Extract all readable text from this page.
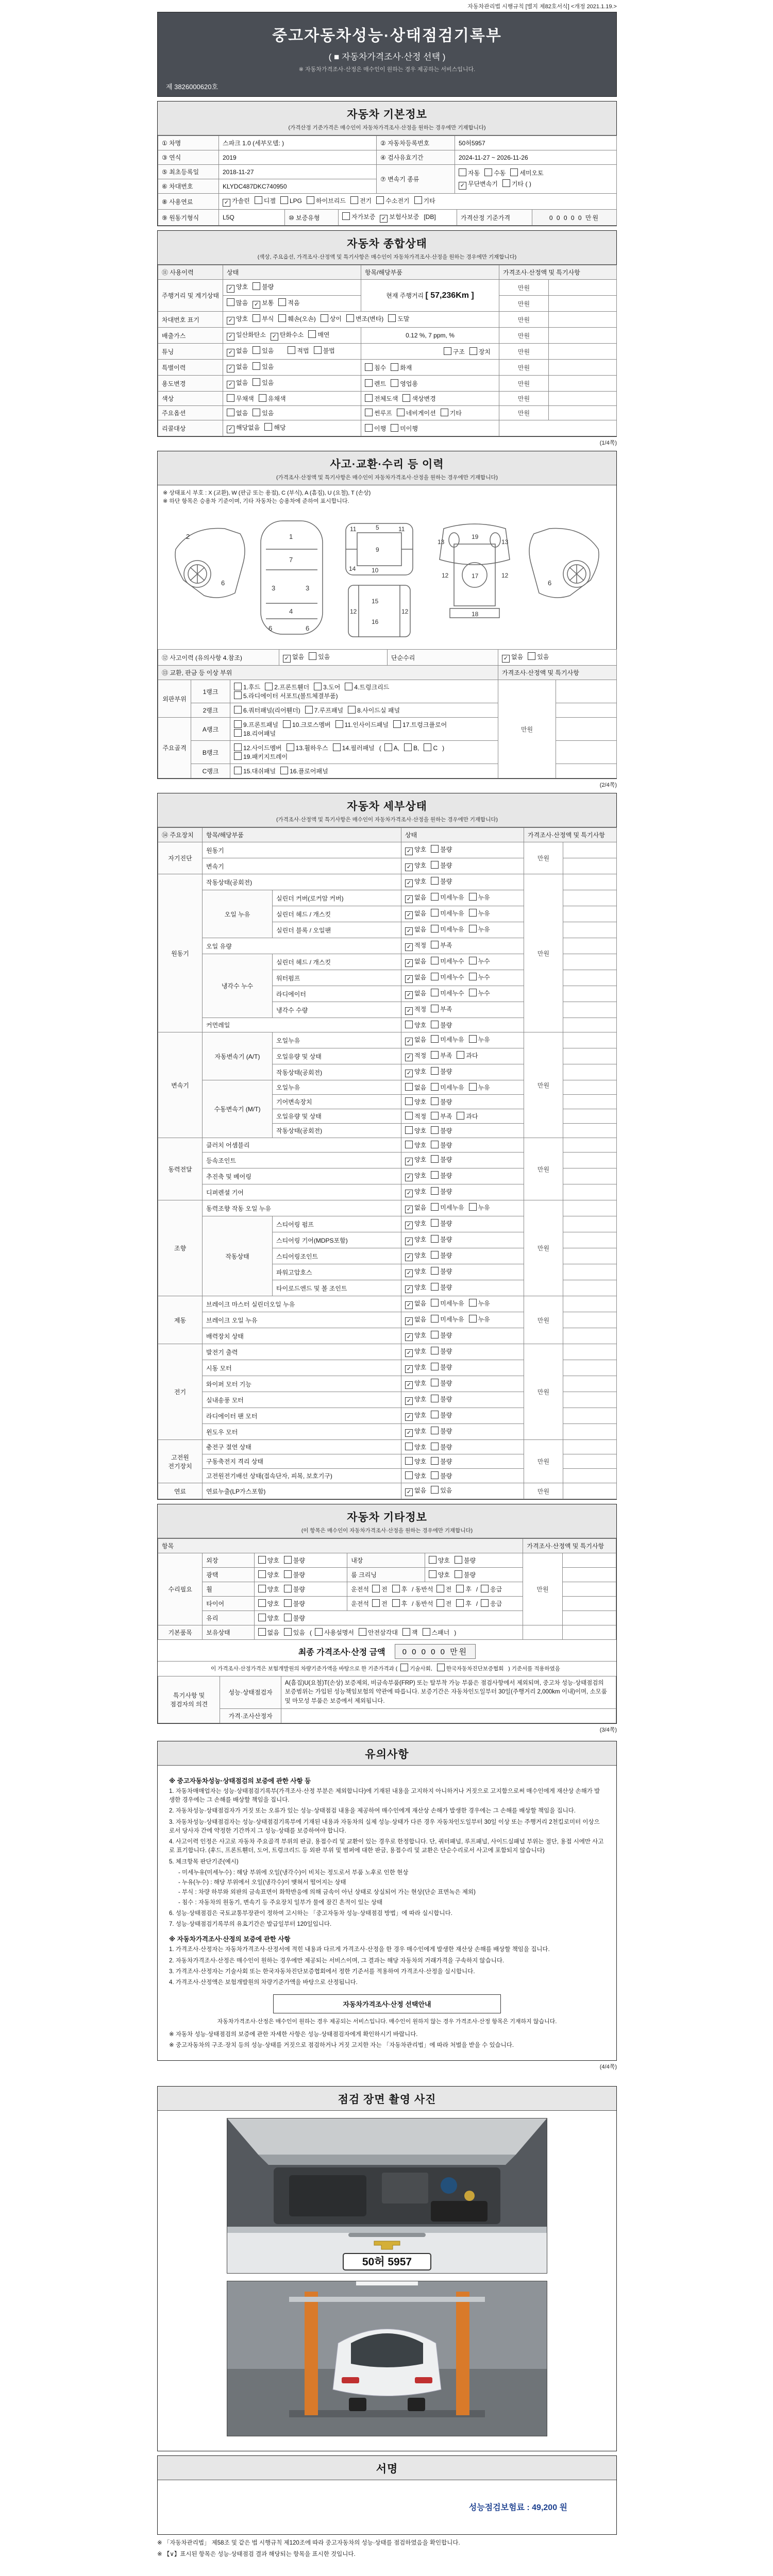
자동차관리법 시행규칙 [별지 제82호서식] <개정 2021.1.19.>
중고자동차성능·상태점검기록부
( ■ 자동차가격조사·산정 선택 )
※ 자동차가격조사·산정은 매수인이 원하는 경우 제공하는 서비스입니다.
제 3826000620호
자동차 기본정보
(가격산정 기준가격은 매수인이 자동차가격조사·산정을 원하는 경우에만 기재합니다)
① 차명	스파크 1.0 (세부모델: )	② 자동차등록번호	50허5957
③ 연식	2019	④ 검사유효기간	2024-11-27 ~ 2026-11-26
⑤ 최초등록일	2018-11-27	⑦ 변속기 종류	자동 수동 세미오토
✓ 무단변속기 기타 ( )

⑥ 차대번호	KLYDC487DKC740950		
⑧ 사용연료	✓ 가솔린 디젤 LPG 하이브리드 전기 수소전기 기타		
⑨ 원동기형식	L5Q	⑩ 보증유형	자가보증 ✓ 보험사보증 [DB]	가격산정 기준가격	0 0 0 0 0 만원
자동차 종합상태
(색상, 주요옵션, 가격조사·산정액 및 특기사항은 매수인이 자동차가격조사·산정을 원하는 경우에만 기재합니다)
⑪ 사용이력	상태	항목/해당부품	가격조사·산정액 및 특기사항	
주행거리 및 계기상태	✓ 양호 불량	현재 주행거리 [ 57,236Km ]	만원	
	많음 ✓ 보통 적음		만원	
차대번호 표기	✓ 양호 부식 훼손(오손) 상이 변조(변타) 도말		만원	
배출가스	✓ 일산화탄소 ✓ 탄화수소 매연	0.12 %, 7 ppm, %	만원	
튜닝	✓ 없음 있음　 적법 불법	구조 장치	만원	
특별이력	✓ 없음 있음	침수 화재	만원	
용도변경	✓ 없음 있음	렌트 영업용	만원	
색상	무채색 유채색	전체도색 색상변경	만원	
주요옵션	없음 있음	썬루프 네비게이션 기타	만원	
리콜대상	✓ 해당없음 해당	이행 미이행		
(1/4쪽)
사고·교환·수리 등 이력
(가격조사·산정액 및 특기사항은 매수인이 자동차가격조사·산정을 원하는 경우에만 기재합니다)
※ 상태표시 부호 : X (교환), W (판금 또는 용접), C (부식), A (흠집), U (요철), T (손상)
※ 하단 항목은 승용차 기준이며, 기타 자동차는 승용차에 준하여 표시합니다.
6
2	1
7
3	3
4
6	6
11	11
5
9
10
14
15
16
12	12
13	13
12	12
17
18
19
6
⑫ 사고이력 (유의사항 4.참조)	✓ 없음 있음	단순수리	✓ 없음 있음
⑬ 교환, 판금 등 이상 부위			가격조사·산정액 및 특기사항	
외판부위	1랭크	1.후드 2.프론트휀더 3.도어 4.트렁크리드5.라디에이터 서포트(볼트체결부품)	만원	
	2랭크	6.쿼터패널(리어휀더) 7.루프패널 8.사이드실 패널		
주요골격	A랭크	9.프론트패널 10.크로스멤버 11.인사이드패널 17.트렁크플로어18.리어패널		
	B랭크	12.사이드멤버 13.휠하우스 14.필러패널 ( A, B, C )19.패키지트레이		
	C랭크	15.대쉬패널 16.플로어패널		
(2/4쪽)
자동차 세부상태
(가격조사·산정액 및 특기사항은 매수인이 자동차가격조사·산정을 원하는 경우에만 기재합니다)
⑭ 주요장치	항목/해당부품		상태	가격조사·산정액 및 특기사항	
자기진단	원동기		✓ 양호 불량	만원	
	변속기		✓ 양호 불량		
원동기	작동상태(공회전)		✓ 양호 불량	만원	
	오일 누유	실린더 커버(로커암 커버)	✓ 없음 미세누유 누유		
		실린더 헤드 / 개스킷	✓ 없음 미세누유 누유		
		실린더 블록 / 오일팬	✓ 없음 미세누유 누유		
	오일 유량		✓ 적정 부족		
	냉각수 누수	실린더 헤드 / 개스킷	✓ 없음 미세누수 누수		
		워터펌프	✓ 없음 미세누수 누수		
		라디에이터	✓ 없음 미세누수 누수		
		냉각수 수량	✓ 적정 부족		
	커먼레일		양호 불량		
변속기	자동변속기 (A/T)	오일누유	✓ 없음 미세누유 누유	만원	
		오일유량 및 상태	✓ 적정 부족 과다		
		작동상태(공회전)	✓ 양호 불량		
	수동변속기 (M/T)	오일누유	없음 미세누유 누유		
		기어변속장치	양호 불량		
		오일유량 및 상태	적정 부족 과다		
		작동상태(공회전)	양호 불량		
동력전달	클러치 어셈블리		양호 불량	만원	
	등속조인트		✓ 양호 불량		
	추진축 및 베어링		✓ 양호 불량		
	디퍼렌셜 기어		✓ 양호 불량		
조향	동력조향 작동 오일 누유		✓ 없음 미세누유 누유	만원	
	작동상태	스티어링 펌프	✓ 양호 불량		
		스티어링 기어(MDPS포함)	✓ 양호 불량		
		스티어링조인트	✓ 양호 불량		
		파워고압호스	✓ 양호 불량		
		타이로드엔드 및 볼 조인트	✓ 양호 불량		
제동	브레이크 마스터 실린더오일 누유		✓ 없음 미세누유 누유	만원	
	브레이크 오일 누유		✓ 없음 미세누유 누유		
	배력장치 상태		✓ 양호 불량		
전기	발전기 출력		✓ 양호 불량	만원	
	시동 모터		✓ 양호 불량		
	와이퍼 모터 기능		✓ 양호 불량		
	실내송풍 모터		✓ 양호 불량		
	라디에이터 팬 모터		✓ 양호 불량		
	윈도우 모터		✓ 양호 불량		
고전원 전기장치	충전구 절연 상태		양호 불량	만원	
	구동축전지 격리 상태		양호 불량		
	고전원전기배선 상태(접속단자, 피복, 보호기구)		양호 불량		
연료	연료누출(LP가스포함)		✓ 없음 있음	만원	
자동차 기타정보
(이 항목은 매수인이 자동차가격조사·산정을 원하는 경우에만 기재합니다)
항목					가격조사·산정액 및 특기사항	
수리필요	외장	양호 불량	내장	양호 불량	만원	
	광택	양호 불량	룸 크리닝	양호 불량		
	휠	양호 불량	운전석 전 후 / 동반석 전 후 / 응급			
	타이어	양호 불량	운전석 전 후 / 동반석 전 후 / 응급			
	유리	양호 불량				
기본품목	보유상태	없음 있음 ( 사용설명서 안전삼각대 잭 스패너 )				
최종 가격조사·산정 금액	0 0 0 0 0 만원
이 가격조사·산정가격은 보험개발원의 차량기준가액을 바탕으로 한 기준가격과 ( 기술사회,	한국자동차진단보증협회 ) 기준서를 적용하였음
특기사항 및 점검자의 의견	성능·상태점검자	A(흠집)U(요철)T(손상) 보증제외, 비금속부품(FRP) 또는 탈부착 가능 부품은 점검사항에서 제외되며, 중고차 성능·상태점검의 보증범위는 가입된 성능책임보험의 약관에 따릅니다. 보증기간은 자동차인도일부터 30일(주행거리 2,000km 이내)이며, 소모품 및 마모성 부품은 보증에서 제외됩니다.
	가격·조사산정자	
(3/4쪽)
유의사항
※ 중고자동차성능·상태점검의 보증에 관한 사항 등
1. 자동차매매업자는 성능·상태점검기록부(가격조사·산정 부분은 제외합니다)에 기재된 내용을 고지하지 아니하거나 거짓으로 고지함으로써 매수인에게 재산상 손해가 발생한 경우에는 그 손해를 배상할 책임을 집니다.
2. 자동차성능·상태점검자가 거짓 또는 오류가 있는 성능·상태점검 내용을 제공하여 매수인에게 재산상 손해가 발생한 경우에는 그 손해를 배상할 책임을 집니다.
3. 자동차성능·상태점검자는 성능·상태점검기록부에 기재된 내용과 자동차의 실제 성능·상태가 다른 경우 자동차인도일부터 30일 이상 또는 주행거리 2천킬로미터 이상으로서 당사자 간에 약정한 기간까지 그 성능·상태를 보증하여야 합니다.
4. 사고이력 인정은 사고로 자동차 주요골격 부위의 판금, 용접수리 및 교환이 있는 경우로 한정합니다. 단, 쿼터패널, 루프패널, 사이드실패널 부위는 절단, 용접 시에만 사고로 표기합니다. (후드, 프론트휀더, 도어, 트렁크리드 등 외판 부위 및 범퍼에 대한 판금, 용접수리 및 교환은 단순수리로서 사고에 포함되지 않습니다)
5. 체크항목 판단기준(예시)
- 미세누유(미세누수) : 해당 부위에 오일(냉각수)이 비치는 정도로서 부품 노후로 인한 현상
- 누유(누수) : 해당 부위에서 오일(냉각수)이 맺혀서 떨어지는 상태
- 부식 : 차량 하부와 외판의 금속표면이 화학반응에 의해 금속이 아닌 상태로 상실되어 가는 현상(단순 표면녹은 제외)
- 침수 : 자동차의 원동기, 변속기 등 주요장치 일부가 물에 잠긴 흔적이 있는 상태
6. 성능·상태점검은 국토교통부장관이 정하여 고시하는 「중고자동차 성능·상태점검 방법」에 따라 실시합니다.
7. 성능·상태점검기록부의 유효기간은 발급일부터 120일입니다.
※ 자동차가격조사·산정의 보증에 관한 사항
1. 가격조사·산정자는 자동차가격조사·산정서에 적힌 내용과 다르게 가격조사·산정을 한 경우 매수인에게 발생한 재산상 손해를 배상할 책임을 집니다.
2. 자동차가격조사·산정은 매수인이 원하는 경우에만 제공되는 서비스이며, 그 결과는 해당 자동차의 거래가격을 구속하지 않습니다.
3. 가격조사·산정자는 기술사회 또는 한국자동차진단보증협회에서 정한 기준서를 적용하여 가격조사·산정을 실시합니다.
4. 가격조사·산정액은 보험개발원의 차량기준가액을 바탕으로 산정됩니다.
자동차가격조사·산정 선택안내
자동차가격조사·산정은 매수인이 원하는 경우 제공되는 서비스입니다. 매수인이 원하지 않는 경우 가격조사·산정 항목은 기재하지 않습니다.
※ 자동차 성능·상태점검의 보증에 관한 자세한 사항은 성능·상태점검자에게 확인하시기 바랍니다.
※ 중고자동차의 구조·장치 등의 성능·상태를 거짓으로 점검하거나 거짓 고지한 자는 「자동차관리법」에 따라 처벌을 받을 수 있습니다.
(4/4쪽)
점검 장면 촬영 사진
50허 5957
서명
성능점검보험료 : 49,200 원
※ 「자동차관리법」 제58조 및 같은 법 시행규칙 제120조에 따라 중고자동차의 성능·상태를 점검하였음을 확인합니다.
※ 【∨】표시된 항목은 성능·상태점검 결과 해당되는 항목을 표시한 것입니다.
